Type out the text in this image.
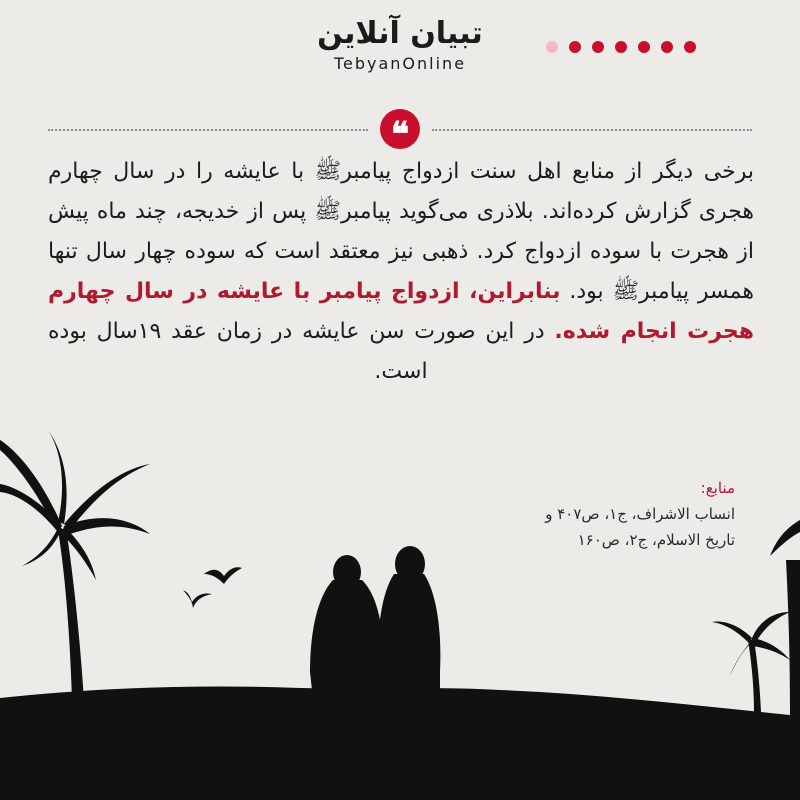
تبیان آنلاین
TebyanOnline
❝
برخی دیگر از منابع اهل سنت ازدواج پیامبرﷺ با عایشه را در سال چهارم هجری گزارش کرده‌اند. بلاذری می‌گوید پیامبرﷺ پس از خدیجه، چند ماه پیش از هجرت با سوده ازدواج کرد. ذهبی نیز معتقد است که سوده چهار سال تنها همسر پیامبرﷺ بود. بنابراین، ازدواج پیامبر با عایشه در سال چهارم هجرت انجام شده. در این صورت سن عایشه در زمان عقد ۱۹سال بوده است.
منابع:
انساب الاشراف، ج۱، ص۴۰۷ و
تاریخ الاسلام، ج۲، ص۱۶۰
